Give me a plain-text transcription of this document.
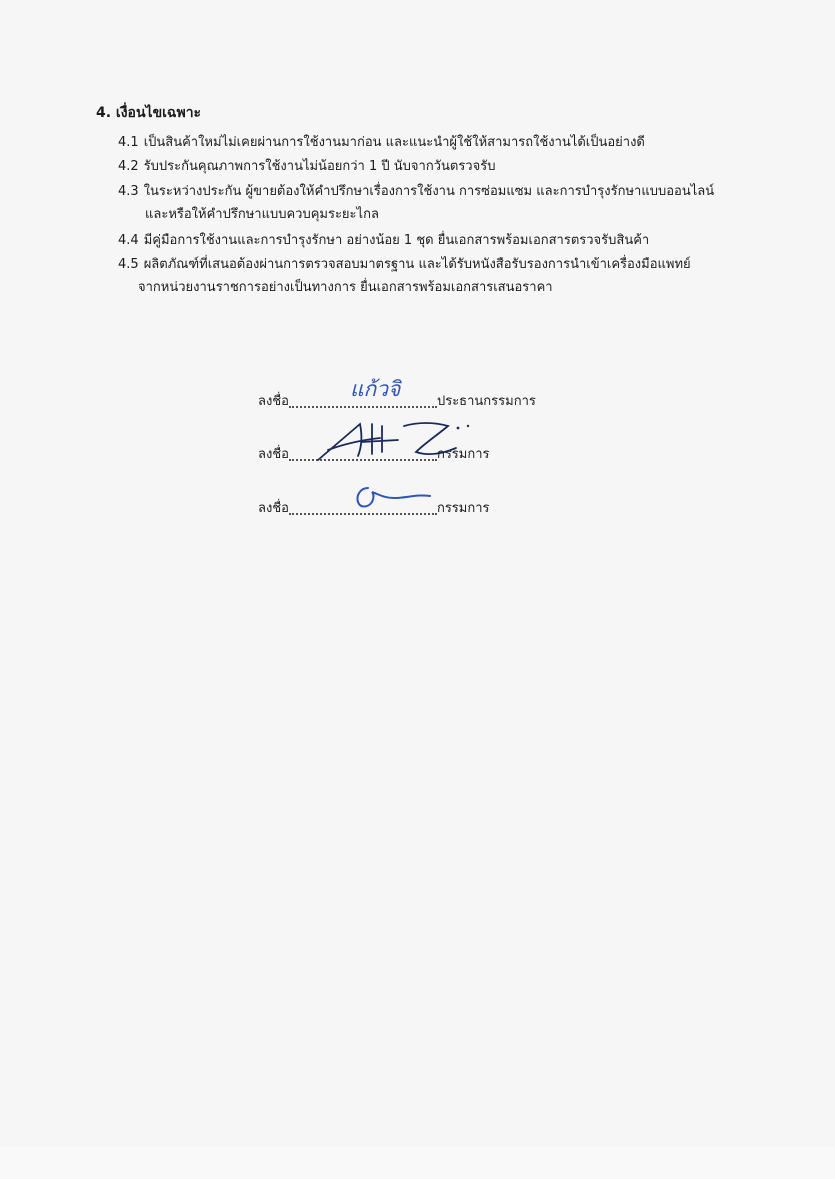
4. เงื่อนไขเฉพาะ
4.1 เป็นสินค้าใหม่ไม่เคยผ่านการใช้งานมาก่อน และแนะนำผู้ใช้ให้สามารถใช้งานได้เป็นอย่างดี
4.2 รับประกันคุณภาพการใช้งานไม่น้อยกว่า 1 ปี นับจากวันตรวจรับ
4.3 ในระหว่างประกัน ผู้ขายต้องให้คำปรึกษาเรื่องการใช้งาน การซ่อมแซม และการบำรุงรักษาแบบออนไลน์
และหรือให้คำปรึกษาแบบควบคุมระยะไกล
4.4 มีคู่มือการใช้งานและการบำรุงรักษา อย่างน้อย 1 ชุด ยื่นเอกสารพร้อมเอกสารตรวจรับสินค้า
4.5 ผลิตภัณฑ์ที่เสนอต้องผ่านการตรวจสอบมาตรฐาน และได้รับหนังสือรับรองการนำเข้าเครื่องมือแพทย์
จากหน่วยงานราชการอย่างเป็นทางการ ยื่นเอกสารพร้อมเอกสารเสนอราคา
ลงชื่อ	ประธานกรรมการ
แก้วจิ
ลงชื่อ	กรรมการ
ลงชื่อ	กรรมการ
